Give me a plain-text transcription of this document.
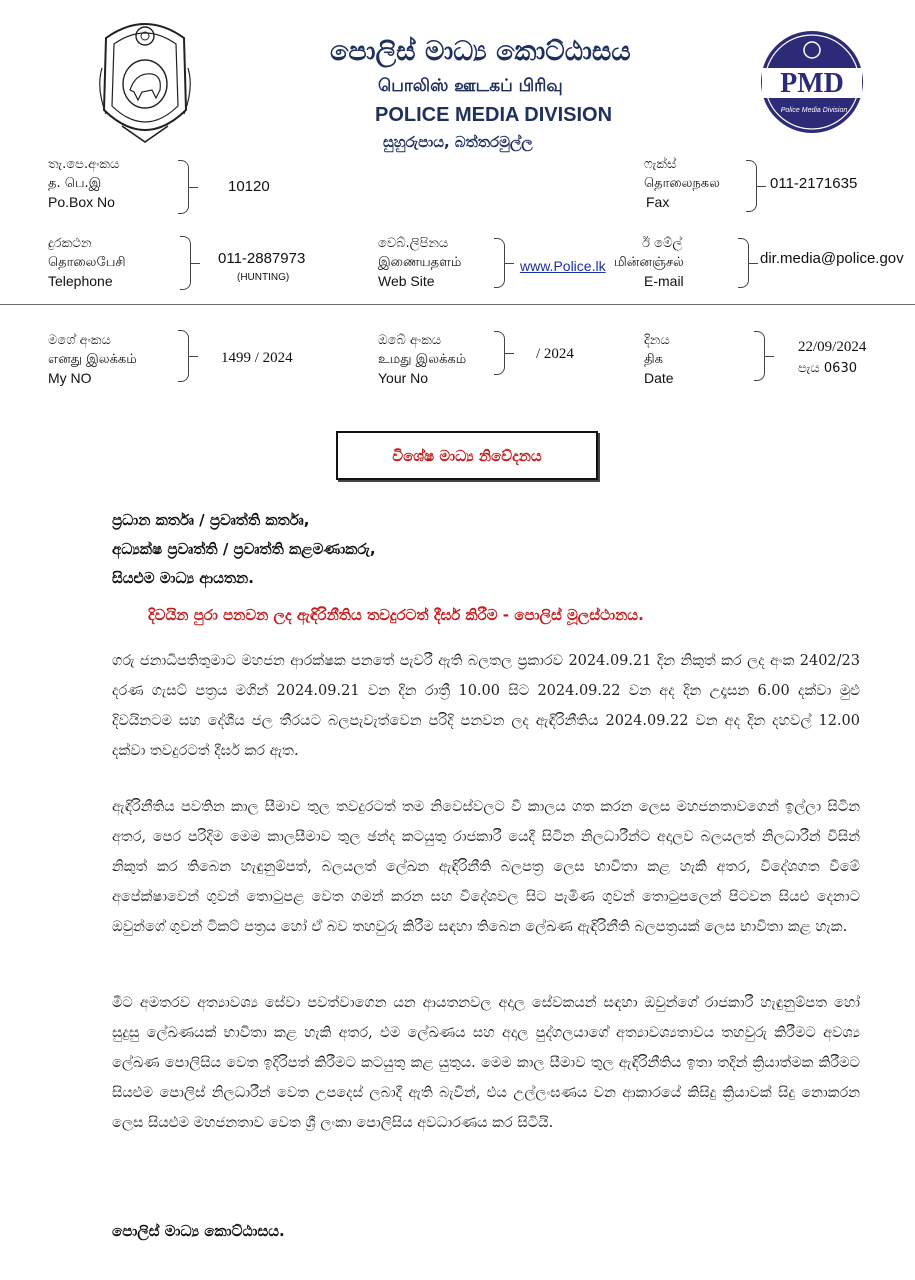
පොලිස් මාධ්‍ය කොට්ඨාසය
பொலிஸ் ஊடகப் பிரிவு
POLICE MEDIA DIVISION
සුහුරුපාය, බත්තරමුල්ල
PMD
Police Media Division
තැ.පෙ.අංකය
த. பெ.இ
Po.Box No
10120
ෆැක්ස්
தொலைநகல
Fax
011-2171635
දුරකථන
தொலைபேசி
Telephone
011-2887973
(HUNTING)
වෙබ්.ලිපිනය
இணையதளம்
Web Site
www.Police.lk
ඊ මේල්
மின்னஞ்சல்
E-mail
dir.media@police.gov
මගේ අංකය
எனது இலக்கம்
My NO
1499 / 2024
ඔබේ අංකය
உமது இலக்கம்
Your No
/ 2024
දිනය
திக
Date
22/09/2024
පැය 0630
විශේෂ මාධ්‍ය නිවේදනය
ප්‍රධාන කර්තෘ / ප්‍රවෘත්ති කර්තෘ,
අධ්‍යක්ෂ ප්‍රවෘත්ති / ප්‍රවෘත්ති කළමණාකරු,
සියළුම මාධ්‍ය ආයතන.
දිවයින පුරා පනවන ලද ඇඳිරිනීතිය තවදුරටත් දීර්ඝ කිරීම - පොලිස් මූලස්ථානය.
ගරු ජනාධිපතිතුමාට මහජන ආරක්ෂක පනතේ පැවරී ඇති බලතල ප්‍රකාරව 2024.09.21 දින නිකුත් කර ලද අංක 2402/23 දරණ ගැසට් පත්‍රය මගින් 2024.09.21 වන දින රාත්‍රී 10.00 සිට 2024.09.22 වන අද දින උදෑසන 6.00 දක්වා මුළු දිවයිනටම සහ දේශීය ජල තීරයට බලපැවැත්වෙන පරිදි පනවන ලද ඇඳිරිනීතිය 2024.09.22 වන අද දින දහවල් 12.00 දක්වා තවදුරටත් දීර්ඝ කර ඇත.
ඇඳිරිනීතිය පවතින කාල සීමාව තුල තවදුරටත් තම නිවෙස්වලට වී කාලය ගත කරන ලෙස මහජනතාවගෙන් ඉල්ලා සිටින අතර, පෙර පරිදිම මෙම කාලසීමාව තුල ඡන්ද කටයුතු රාජකාරී යෙදී සිටින නිලධාරීන්ට අදාලව බලයලත් නිලධාරීන් විසින් නිකුත් කර තිබෙන හැඳුනුම්පත්, බලයලත් ලේඛන ඇඳිරිනීති බලපත්‍ර ලෙස භාවිතා කළ හැකි අතර, විදේශගත වීමේ අපේක්ෂාවෙන් ගුවන් තොටුපළ වෙත ගමන් කරන සහ විදේශවල සිට පැමිණ ගුවන් තොටුපලෙන් පිටවන සියළු දෙනාට ඔවුන්ගේ ගුවන් ටිකට් පත්‍රය හෝ ඒ බව තහවුරු කිරීම සඳහා තිබෙන ලේඛණ ඇඳිරිනීති බලපත්‍රයක් ලෙස භාවිතා කළ හැක.
මීට අමතරව අත්‍යාවශ්‍ය සේවා පවත්වාගෙන යන ආයතනවල අදාල සේවකයන් සඳහා ඔවුන්ගේ රාජකාරී හැඳුනුම්පත හෝ සුදුසු ලේඛණයක් භාවිතා කළ හැකි අතර, එම ලේඛණය සහ අදාල පුද්ගලයාගේ අත්‍යාවශ්‍යතාවය තහවුරු කිරීමට අවශ්‍ය ලේඛණ පොලිසිය වෙත ඉදිරිපත් කිරීමට කටයුතු කළ යුතුය. මෙම කාල සීමාව තුල ඇඳිරිනීතිය ඉතා තදින් ක්‍රියාත්මක කිරීමට සියළුම පොලිස් නිලධාරීන් වෙත උපදෙස් ලබාදී ඇති බැවින්, එය උල්ලංඝණය වන ආකාරයේ කිසිදු ක්‍රියාවක් සිදු නොකරන ලෙස සියළුම මහජනතාව වෙත ශ්‍රී ලංකා පොලිසිය අවධාරණය කර සිටියි.
පොලිස් මාධ්‍ය කොට්ඨාසය.
